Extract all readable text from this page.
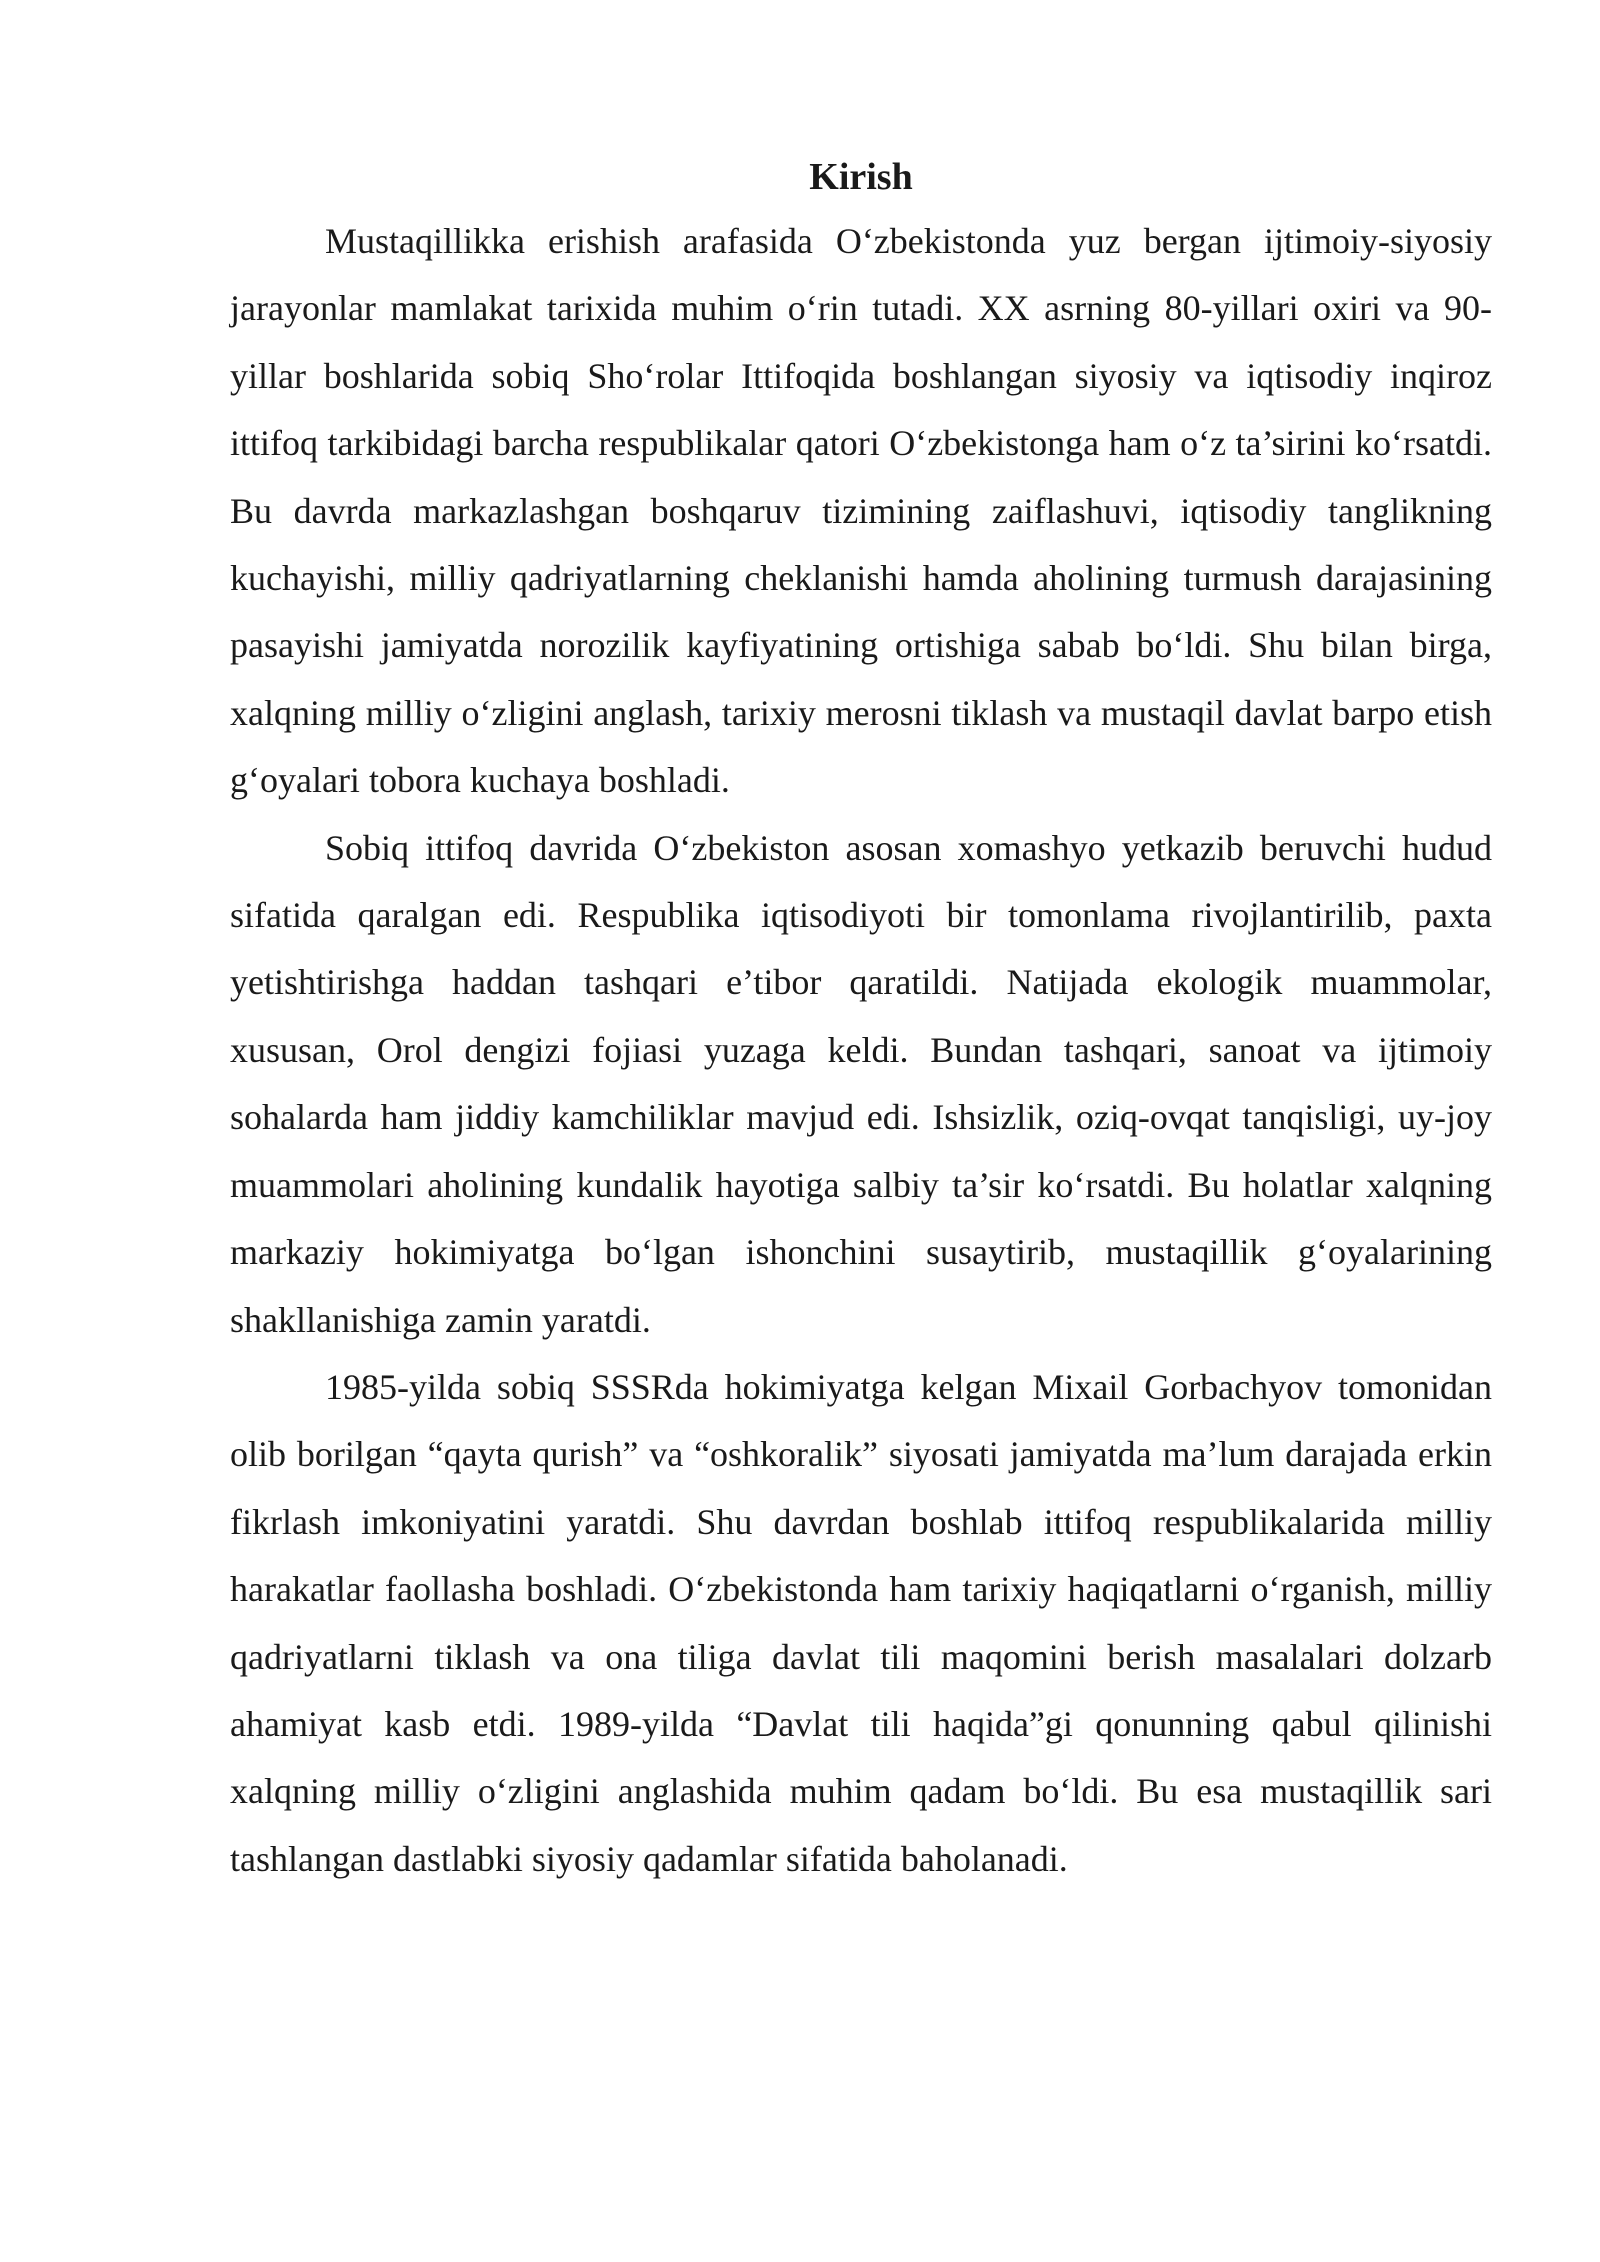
Kirish

Mustaqillikka erishish arafasida O‘zbekistonda yuz bergan ijtimoiy-siyosiy jarayonlar mamlakat tarixida muhim o‘rin tutadi. XX asrning 80-yillari oxiri va 90-yillar boshlarida sobiq Sho‘rolar Ittifoqida boshlangan siyosiy va iqtisodiy inqiroz ittifoq tarkibidagi barcha respublikalar qatori O‘zbekistonga ham o‘z ta’sirini ko‘rsatdi. Bu davrda markazlashgan boshqaruv tizimining zaiflashuvi, iqtisodiy tanglikning kuchayishi, milliy qadriyatlarning cheklanishi hamda aholining turmush darajasining pasayishi jamiyatda norozilik kayfiyatining ortishiga sabab bo‘ldi. Shu bilan birga, xalqning milliy o‘zligini anglash, tarixiy merosni tiklash va mustaqil davlat barpo etish g‘oyalari tobora kuchaya boshladi.

Sobiq ittifoq davrida O‘zbekiston asosan xomashyo yetkazib beruvchi hudud sifatida qaralgan edi. Respublika iqtisodiyoti bir tomonlama rivojlantirilib, paxta yetishtirishga haddan tashqari e’tibor qaratildi. Natijada ekologik muammolar, xususan, Orol dengizi fojiasi yuzaga keldi. Bundan tashqari, sanoat va ijtimoiy sohalarda ham jiddiy kamchiliklar mavjud edi. Ishsizlik, oziq-ovqat tanqisligi, uy-joy muammolari aholining kundalik hayotiga salbiy ta’sir ko‘rsatdi. Bu holatlar xalqning markaziy hokimiyatga bo‘lgan ishonchini susaytirib, mustaqillik g‘oyalarining shakllanishiga zamin yaratdi.

1985-yilda sobiq SSSRda hokimiyatga kelgan Mixail Gorbachyov tomonidan olib borilgan “qayta qurish” va “oshkoralik” siyosati jamiyatda ma’lum darajada erkin fikrlash imkoniyatini yaratdi. Shu davrdan boshlab ittifoq respublikalarida milliy harakatlar faollasha boshladi. O‘zbekistonda ham tarixiy haqiqatlarni o‘rganish, milliy qadriyatlarni tiklash va ona tiliga davlat tili maqomini berish masalalari dolzarb ahamiyat kasb etdi. 1989-yilda “Davlat tili haqida”gi qonunning qabul qilinishi xalqning milliy o‘zligini anglashida muhim qadam bo‘ldi. Bu esa mustaqillik sari tashlangan dastlabki siyosiy qadamlar sifatida baholanadi.
